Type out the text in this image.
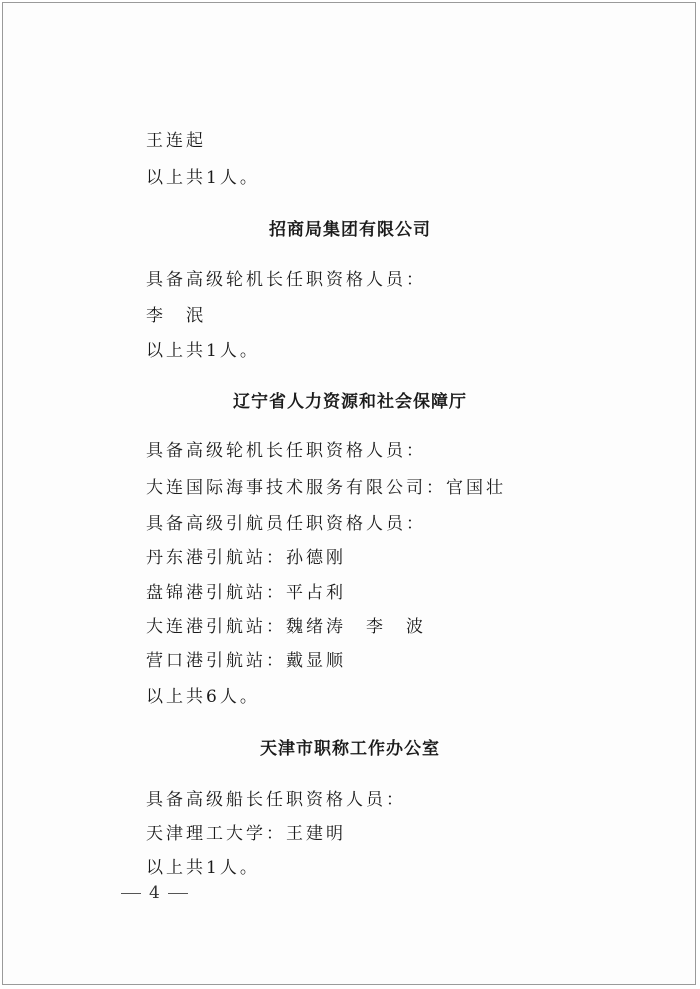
王连起
以上共1人。
招商局集团有限公司
具备高级轮机长任职资格人员：
李　泯
以上共1人。
辽宁省人力资源和社会保障厅
具备高级轮机长任职资格人员：
大连国际海事技术服务有限公司：官国壮
具备高级引航员任职资格人员：
丹东港引航站：孙德刚
盘锦港引航站：平占利
大连港引航站：魏绪涛　李　波
营口港引航站：戴显顺
以上共6人。
天津市职称工作办公室
具备高级船长任职资格人员：
天津理工大学：王建明
以上共1人。
4
